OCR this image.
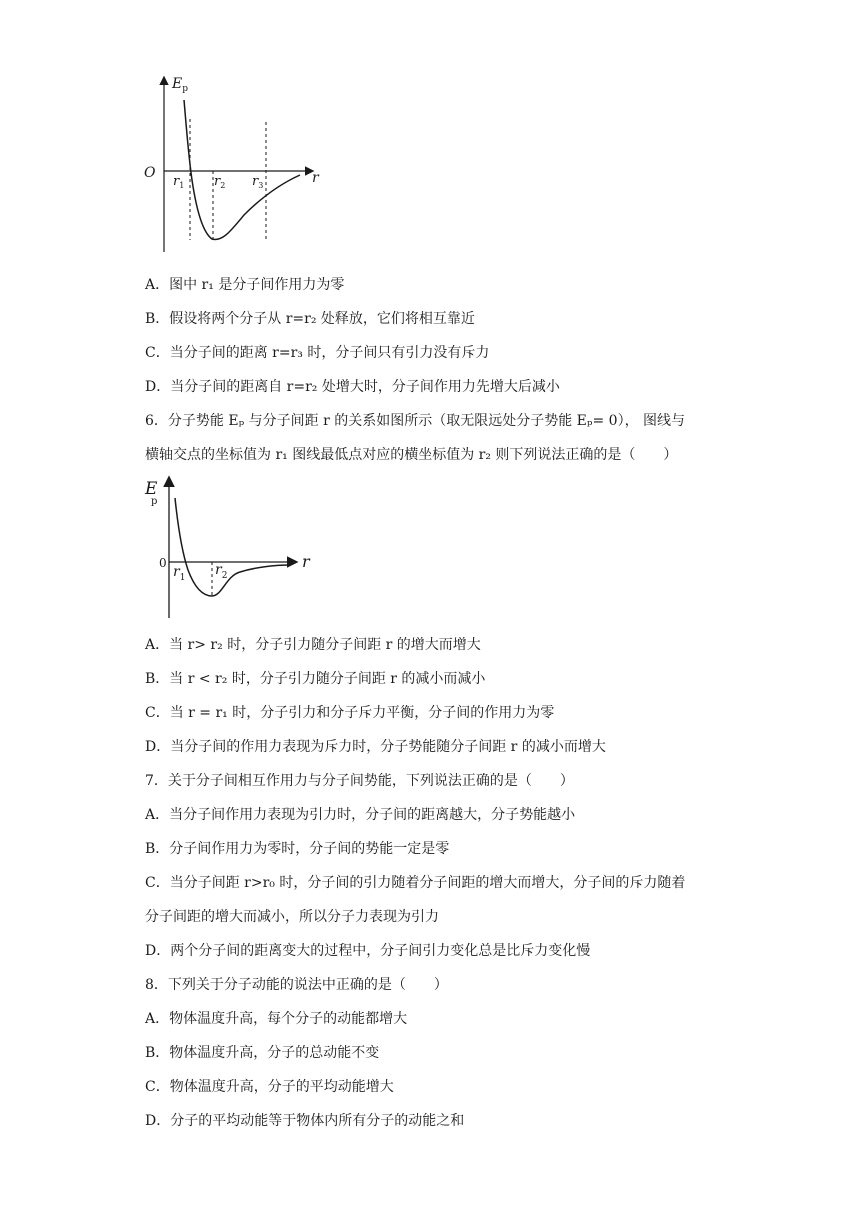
$E_p$
O	r
$r_1$ $r_2$ $r_3$
A．图中 r₁ 是分子间作用力为零
B．假设将两个分子从 r=r₂ 处释放，它们将相互靠近
C．当分子间的距离 r=r₃ 时，分子间只有引力没有斥力
D．当分子间的距离自 r=r₂ 处增大时，分子间作用力先增大后减小
6．分子势能 Eₚ 与分子间距 r 的关系如图所示（取无限远处分子势能 Eₚ= 0）， 图线与
横轴交点的坐标值为 r₁ 图线最低点对应的横坐标值为 r₂ 则下列说法正确的是（　　）
E p
0	r
$r_1$ $r_2$
A．当 r> r₂ 时，分子引力随分子间距 r 的增大而增大
B．当 r < r₂ 时，分子引力随分子间距 r 的减小而减小
C．当 r = r₁ 时，分子引力和分子斥力平衡，分子间的作用力为零
D．当分子间的作用力表现为斥力时，分子势能随分子间距 r 的减小而增大
7．关于分子间相互作用力与分子间势能，下列说法正确的是（　　）
A．当分子间作用力表现为引力时，分子间的距离越大，分子势能越小
B．分子间作用力为零时，分子间的势能一定是零
C．当分子间距 r>r₀ 时，分子间的引力随着分子间距的增大而增大，分子间的斥力随着
分子间距的增大而减小，所以分子力表现为引力
D．两个分子间的距离变大的过程中，分子间引力变化总是比斥力变化慢
8．下列关于分子动能的说法中正确的是（　　）
A．物体温度升高，每个分子的动能都增大
B．物体温度升高，分子的总动能不变
C．物体温度升高，分子的平均动能增大
D．分子的平均动能等于物体内所有分子的动能之和
